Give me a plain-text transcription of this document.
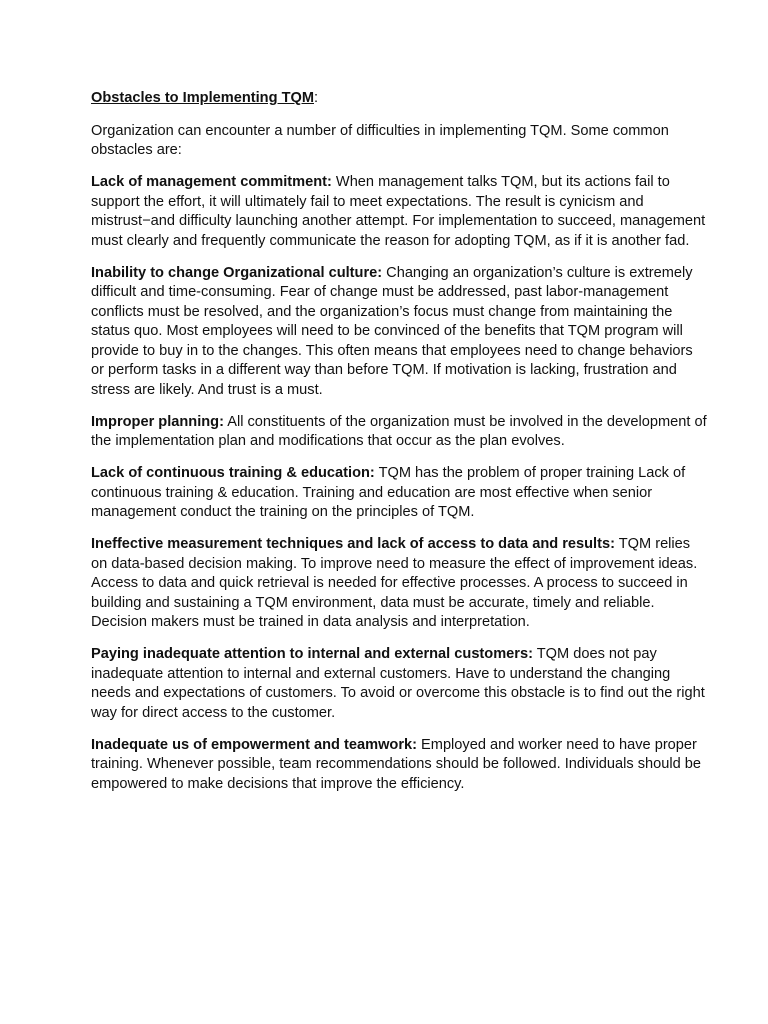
Obstacles to Implementing TQM:

Organization can encounter a number of difficulties in implementing TQM. Some common obstacles are:

Lack of management commitment: When management talks TQM, but its actions fail to support the effort, it will ultimately fail to meet expectations. The result is cynicism and mistrust−and difficulty launching another attempt. For implementation to succeed, management must clearly and frequently communicate the reason for adopting TQM, as if it is another fad.

Inability to change Organizational culture: Changing an organization’s culture is extremely difficult and time-consuming. Fear of change must be addressed, past labor-management conflicts must be resolved, and the organization’s focus must change from maintaining the status quo. Most employees will need to be convinced of the benefits that TQM program will provide to buy in to the changes. This often means that employees need to change behaviors or perform tasks in a different way than before TQM. If motivation is lacking, frustration and stress are likely. And trust is a must.

Improper planning: All constituents of the organization must be involved in the development of the implementation plan and modifications that occur as the plan evolves.

Lack of continuous training & education: TQM has the problem of proper training Lack of continuous training & education. Training and education are most effective when senior management conduct the training on the principles of TQM.

Ineffective measurement techniques and lack of access to data and results: TQM relies on data-based decision making. To improve need to measure the effect of improvement ideas. Access to data and quick retrieval is needed for effective processes. A process to succeed in building and sustaining a TQM environment, data must be accurate, timely and reliable. Decision makers must be trained in data analysis and interpretation.

Paying inadequate attention to internal and external customers: TQM does not pay inadequate attention to internal and external customers. Have to understand the changing needs and expectations of customers. To avoid or overcome this obstacle is to find out the right way for direct access to the customer.

Inadequate us of empowerment and teamwork: Employed and worker need to have proper training. Whenever possible, team recommendations should be followed. Individuals should be empowered to make decisions that improve the efficiency.
